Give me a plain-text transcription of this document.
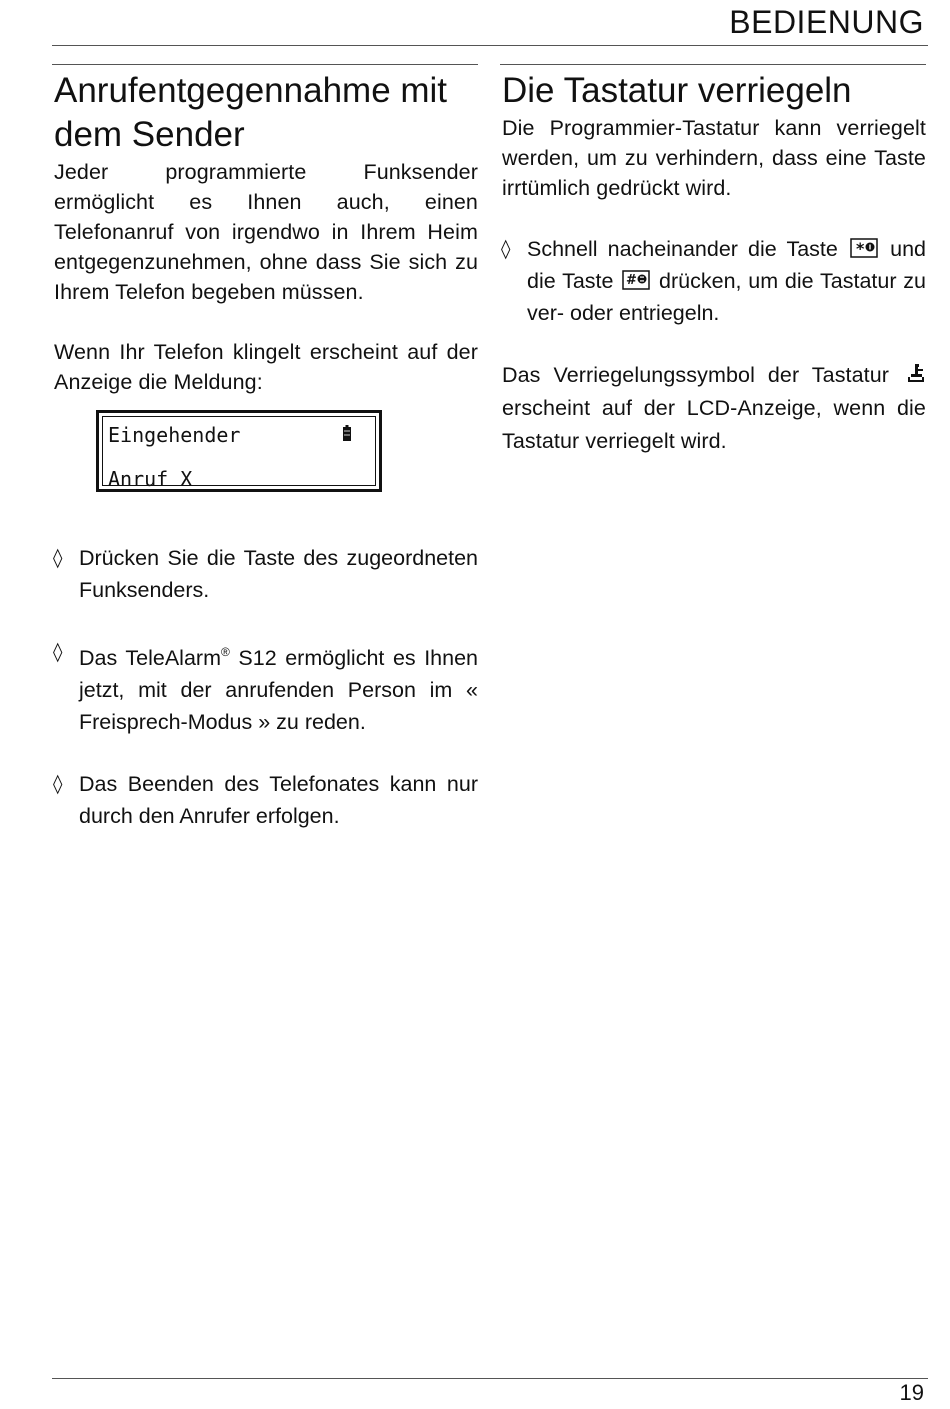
BEDIENUNG
Anrufentgegennahme mit dem Sender

Jeder programmierte Funksender ermöglicht es Ihnen auch, einen Telefonanruf von irgendwo in Ihrem Heim entgegenzunehmen, ohne dass Sie sich zu Ihrem Telefon begeben müssen.

Wenn Ihr Telefon klingelt erscheint auf der Anzeige die Meldung:

Eingehender
Anruf X
◊ Drücken Sie die Taste des zugeordneten Funksenders.
◊ Das TeleAlarm® S12 ermöglicht es Ihnen jetzt, mit der anrufenden Person im « Freisprech-Modus » zu reden.
◊ Das Beenden des Telefonates kann nur durch den Anrufer erfolgen.
Die Tastatur verriegeln

Die Programmier-Tastatur kann verriegelt werden, um zu verhindern, dass eine Taste irrtümlich gedrückt wird.

◊ Schnell nacheinander die Taste * und die Taste # drücken, um die Tastatur zu ver- oder entriegeln.

Das Verriegelungssymbol der Tastatur  erscheint auf der LCD-Anzeige, wenn die Tastatur verriegelt wird.

19
